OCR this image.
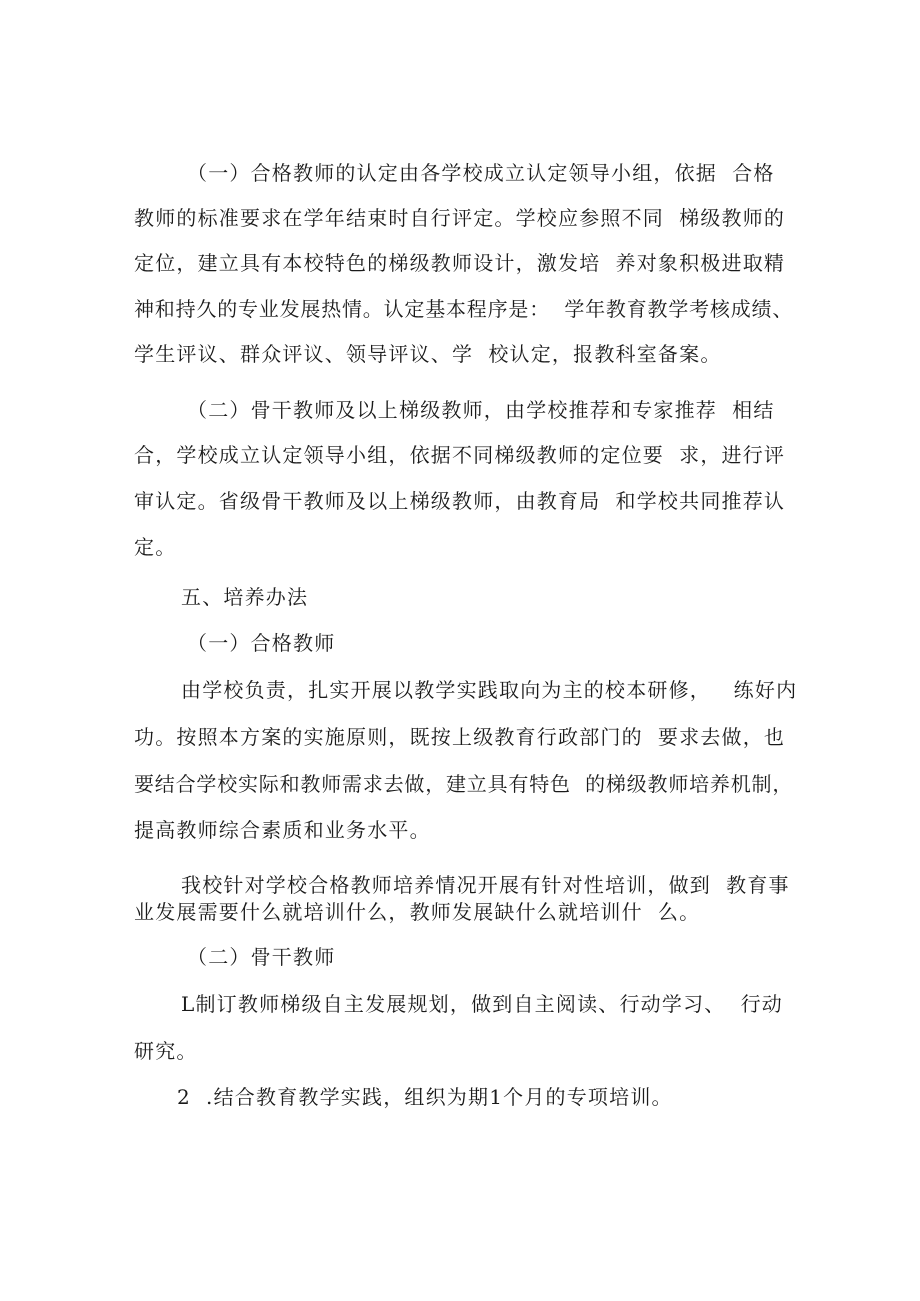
（一）合格教师的认定由各学校成立认定领导小组，依据  合格
教师的标准要求在学年结束时自行评定。学校应参照不同  梯级教师的
定位，建立具有本校特色的梯级教师设计，激发培  养对象积极进取精
神和持久的专业发展热情。认定基本程序是：  学年教育教学考核成绩、
学生评议、群众评议、领导评议、学  校认定，报教科室备案。
（二）骨干教师及以上梯级教师，由学校推荐和专家推荐  相结
合，学校成立认定领导小组，依据不同梯级教师的定位要  求，进行评
审认定。省级骨干教师及以上梯级教师，由教育局  和学校共同推荐认
定。
五、培养办法
（一）合格教师
由学校负责，扎实开展以教学实践取向为主的校本研修，   练好内
功。按照本方案的实施原则，既按上级教育行政部门的  要求去做，也
要结合学校实际和教师需求去做，建立具有特色  的梯级教师培养机制，
提高教师综合素质和业务水平。
我校针对学校合格教师培养情况开展有针对性培训，做到  教育事
业发展需要什么就培训什么，教师发展缺什么就培训什  么。
（二）骨干教师
L制订教师梯级自主发展规划，做到自主阅读、行动学习、  行动
研究。
2  .结合教育教学实践，组织为期1个月的专项培训。
